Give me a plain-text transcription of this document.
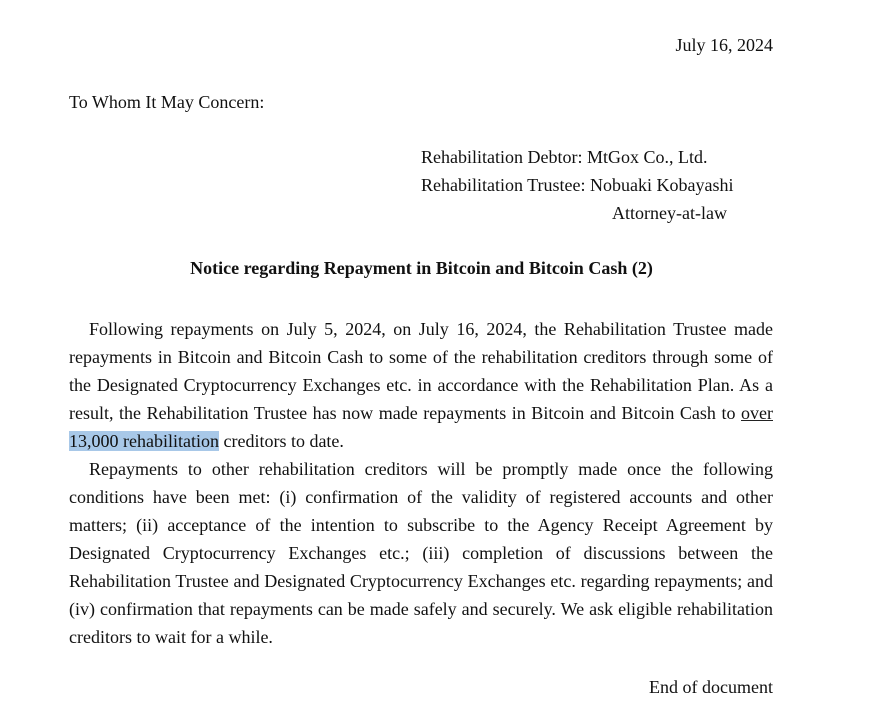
July 16, 2024
To Whom It May Concern:
Rehabilitation Debtor: MtGox Co., Ltd.
Rehabilitation Trustee: Nobuaki Kobayashi
Attorney-at-law
Notice regarding Repayment in Bitcoin and Bitcoin Cash (2)

Following repayments on July 5, 2024, on July 16, 2024, the Rehabilitation Trustee made repayments in Bitcoin and Bitcoin Cash to some of the rehabilitation creditors through some of the Designated Cryptocurrency Exchanges etc. in accordance with the Rehabilitation Plan. As a result, the Rehabilitation Trustee has now made repayments in Bitcoin and Bitcoin Cash to over 13,000 rehabilitation creditors to date.

Repayments to other rehabilitation creditors will be promptly made once the following conditions have been met: (i) confirmation of the validity of registered accounts and other matters; (ii) acceptance of the intention to subscribe to the Agency Receipt Agreement by Designated Cryptocurrency Exchanges etc.; (iii) completion of discussions between the Rehabilitation Trustee and Designated Cryptocurrency Exchanges etc. regarding repayments; and (iv) confirmation that repayments can be made safely and securely. We ask eligible rehabilitation creditors to wait for a while.

End of document
